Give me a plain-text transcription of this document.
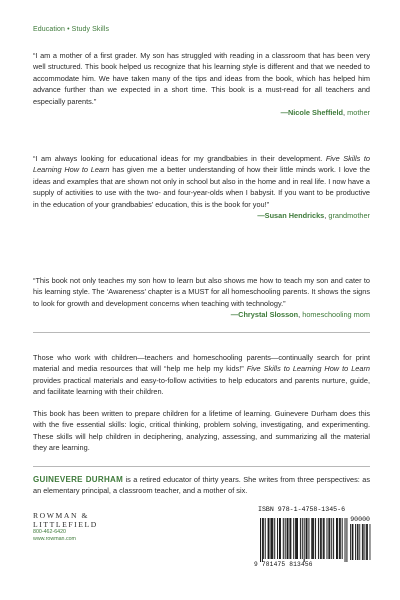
Education • Study Skills
“I am a mother of a first grader. My son has struggled with reading in a classroom that has been very well structured. This book helped us recognize that his learning style is different and that we needed to accommodate him. We have taken many of the tips and ideas from the book, which has helped him advance further than we expected in a short time. This book is a must-read for all teachers and especially parents.”
—Nicole Sheffield, mother
“I am always looking for educational ideas for my grandbabies in their development. Five Skills to Learning How to Learn has given me a better understanding of how their little minds work. I love the ideas and examples that are shown not only in school but also in the home and in real life. I now have a supply of activities to use with the two- and four-year-olds when I babysit. If you want to be productive in the education of your grandbabies’ education, this is the book for you!”
—Susan Hendricks, grandmother
“This book not only teaches my son how to learn but also shows me how to teach my son and cater to his learning style. The ‘Awareness’ chapter is a MUST for all homeschooling parents. It shows the signs to look for growth and development concerns when teaching with technology.”
—Chrystal Slosson, homeschooling mom
Those who work with children—teachers and homeschooling parents—continually search for print material and media resources that will “help me help my kids!” Five Skills to Learning How to Learn provides practical materials and easy-to-follow activities to help educators and parents nurture, guide, and facilitate learning with their children.
This book has been written to prepare children for a lifetime of learning. Guinevere Durham does this with the five essential skills: logic, critical thinking, problem solving, investigating, and experimenting. These skills will help children in deciphering, analyzing, assessing, and summarizing all the material they are learning.
GUINEVERE DURHAM is a retired educator of thirty years. She writes from three perspectives: as an elementary principal, a classroom teacher, and a mother of six.
ROWMAN &
LITTLEFIELD
800-462-6420
www.rowman.com
ISBN 978-1-4758-1345-6
90000
9 781475 813456
